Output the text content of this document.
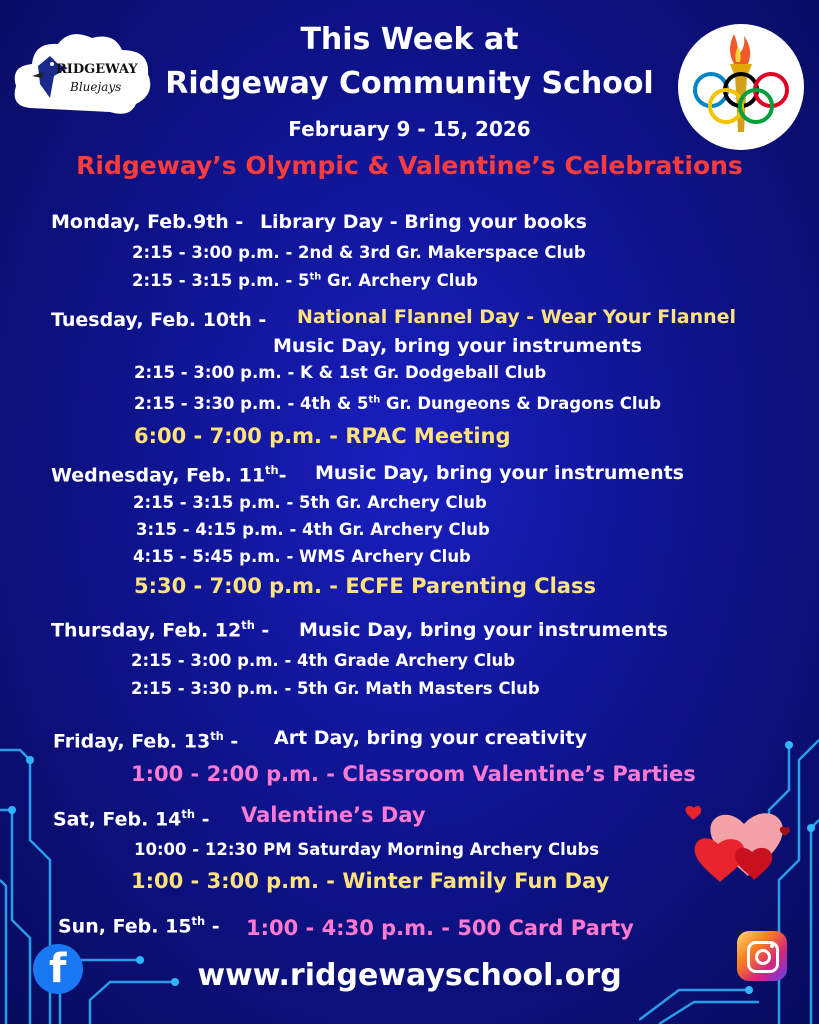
RIDGEWAY
Bluejays
This Week at
Ridgeway Community School
February 9 - 15, 2026
Ridgeway’s Olympic & Valentine’s Celebrations
Monday, Feb.9th - Library Day - Bring your books
2:15 - 3:00 p.m. - 2nd & 3rd Gr. Makerspace Club
2:15 - 3:15 p.m. - 5th Gr. Archery Club
Tuesday, Feb. 10th - National Flannel Day - Wear Your Flannel
Music Day, bring your instruments
2:15 - 3:00 p.m. - K & 1st Gr. Dodgeball Club
2:15 - 3:30 p.m. - 4th & 5th Gr. Dungeons & Dragons Club
6:00 - 7:00 p.m. - RPAC Meeting
Wednesday, Feb. 11th- Music Day, bring your instruments
2:15 - 3:15 p.m. - 5th Gr. Archery Club
3:15 - 4:15 p.m. - 4th Gr. Archery Club
4:15 - 5:45 p.m. - WMS Archery Club
5:30 - 7:00 p.m. - ECFE Parenting Class
Thursday, Feb. 12th - Music Day, bring your instruments
2:15 - 3:00 p.m. - 4th Grade Archery Club
2:15 - 3:30 p.m. - 5th Gr. Math Masters Club
Friday, Feb. 13th - Art Day, bring your creativity
1:00 - 2:00 p.m. - Classroom Valentine’s Parties
Sat, Feb. 14th - Valentine’s Day
10:00 - 12:30 PM Saturday Morning Archery Clubs
1:00 - 3:00 p.m. - Winter Family Fun Day
Sun, Feb. 15th - 1:00 - 4:30 p.m. - 500 Card Party
f	www.ridgewayschool.org
